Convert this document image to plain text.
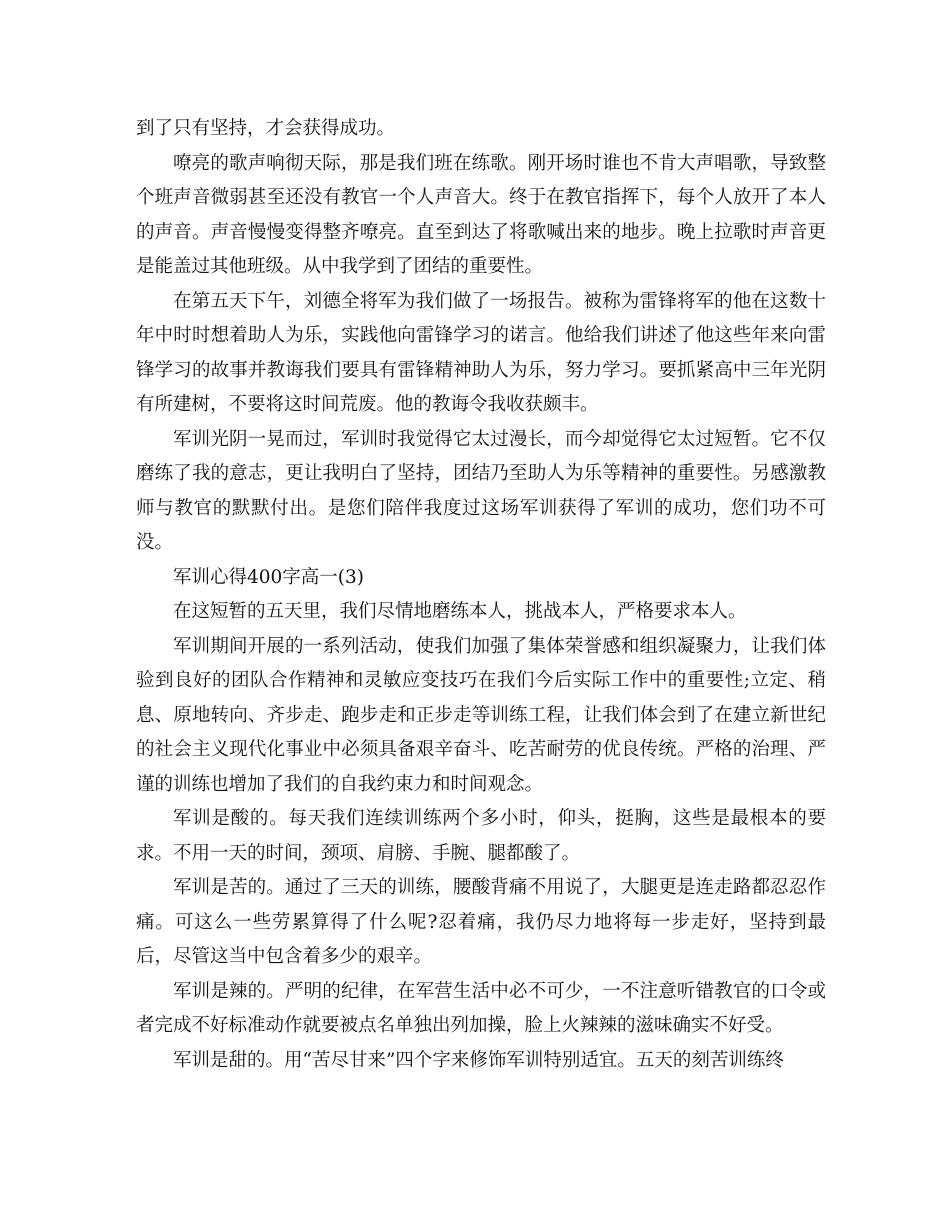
到了只有坚持，才会获得成功。

嘹亮的歌声响彻天际，那是我们班在练歌。刚开场时谁也不肯大声唱歌，导致整个班声音微弱甚至还没有教官一个人声音大。终于在教官指挥下，每个人放开了本人的声音。声音慢慢变得整齐嘹亮。直至到达了将歌喊出来的地步。晚上拉歌时声音更是能盖过其他班级。从中我学到了团结的重要性。

在第五天下午，刘德全将军为我们做了一场报告。被称为雷锋将军的他在这数十年中时时想着助人为乐，实践他向雷锋学习的诺言。他给我们讲述了他这些年来向雷锋学习的故事并教诲我们要具有雷锋精神助人为乐，努力学习。要抓紧高中三年光阴有所建树，不要将这时间荒废。他的教诲令我收获颇丰。

军训光阴一晃而过，军训时我觉得它太过漫长，而今却觉得它太过短暂。它不仅磨练了我的意志，更让我明白了坚持，团结乃至助人为乐等精神的重要性。另感激教师与教官的默默付出。是您们陪伴我度过这场军训获得了军训的成功，您们功不可没。

军训心得400字高一(3)

在这短暂的五天里，我们尽情地磨练本人，挑战本人，严格要求本人。

军训期间开展的一系列活动，使我们加强了集体荣誉感和组织凝聚力，让我们体验到良好的团队合作精神和灵敏应变技巧在我们今后实际工作中的重要性;立定、稍息、原地转向、齐步走、跑步走和正步走等训练工程，让我们体会到了在建立新世纪的社会主义现代化事业中必须具备艰辛奋斗、吃苦耐劳的优良传统。严格的治理、严谨的训练也增加了我们的自我约束力和时间观念。

军训是酸的。每天我们连续训练两个多小时，仰头，挺胸，这些是最根本的要求。不用一天的时间，颈项、肩膀、手腕、腿都酸了。

军训是苦的。通过了三天的训练，腰酸背痛不用说了，大腿更是连走路都忍忍作痛。可这么一些劳累算得了什么呢?忍着痛，我仍尽力地将每一步走好，坚持到最后，尽管这当中包含着多少的艰辛。

军训是辣的。严明的纪律，在军营生活中必不可少，一不注意听错教官的口令或者完成不好标准动作就要被点名单独出列加操，脸上火辣辣的滋味确实不好受。

军训是甜的。用“苦尽甘来”四个字来修饰军训特别适宜。五天的刻苦训练终
